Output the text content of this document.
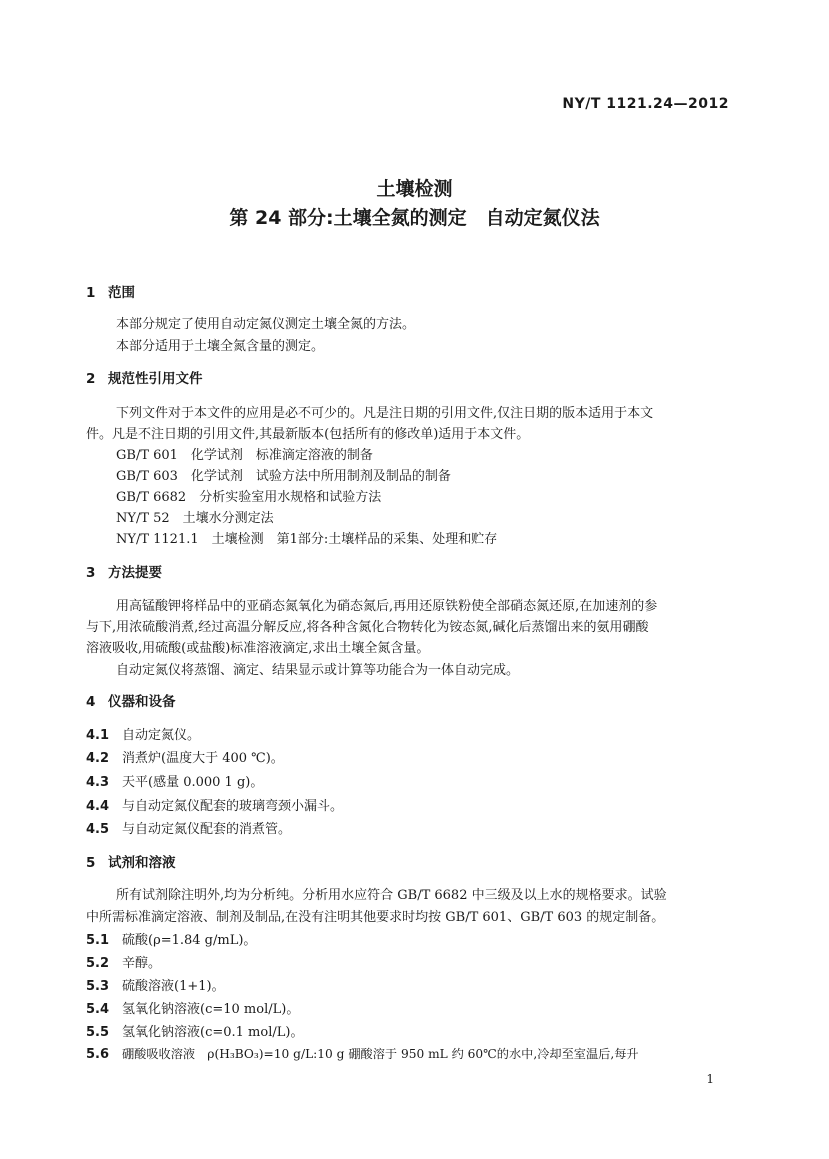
NY/T 1121.24—2012
土壤检测
第 24 部分:土壤全氮的测定　自动定氮仪法
1 范围
本部分规定了使用自动定氮仪测定土壤全氮的方法。
本部分适用于土壤全氮含量的测定。
2 规范性引用文件
下列文件对于本文件的应用是必不可少的。凡是注日期的引用文件,仅注日期的版本适用于本文
件。凡是不注日期的引用文件,其最新版本(包括所有的修改单)适用于本文件。
GB/T 601　化学试剂　标准滴定溶液的制备
GB/T 603　化学试剂　试验方法中所用制剂及制品的制备
GB/T 6682　分析实验室用水规格和试验方法
NY/T 52　土壤水分测定法
NY/T 1121.1　土壤检测　第1部分:土壤样品的采集、处理和贮存
3 方法提要
用高锰酸钾将样品中的亚硝态氮氧化为硝态氮后,再用还原铁粉使全部硝态氮还原,在加速剂的参
与下,用浓硫酸消煮,经过高温分解反应,将各种含氮化合物转化为铵态氮,碱化后蒸馏出来的氨用硼酸
溶液吸收,用硫酸(或盐酸)标准溶液滴定,求出土壤全氮含量。
自动定氮仪将蒸馏、滴定、结果显示或计算等功能合为一体自动完成。
4 仪器和设备
4.1 自动定氮仪。
4.2 消煮炉(温度大于 400 ℃)。
4.3 天平(感量 0.000 1 g)。
4.4 与自动定氮仪配套的玻璃弯颈小漏斗。
4.5 与自动定氮仪配套的消煮管。
5 试剂和溶液
所有试剂除注明外,均为分析纯。分析用水应符合 GB/T 6682 中三级及以上水的规格要求。试验
中所需标准滴定溶液、制剂及制品,在没有注明其他要求时均按 GB/T 601、GB/T 603 的规定制备。
5.1 硫酸(ρ=1.84 g/mL)。
5.2 辛醇。
5.3 硫酸溶液(1+1)。
5.4 氢氧化钠溶液(c=10 mol/L)。
5.5 氢氧化钠溶液(c=0.1 mol/L)。
5.6 硼酸吸收溶液　ρ(H₃BO₃)=10 g/L:10 g 硼酸溶于 950 mL 约 60℃的水中,冷却至室温后,每升
1
